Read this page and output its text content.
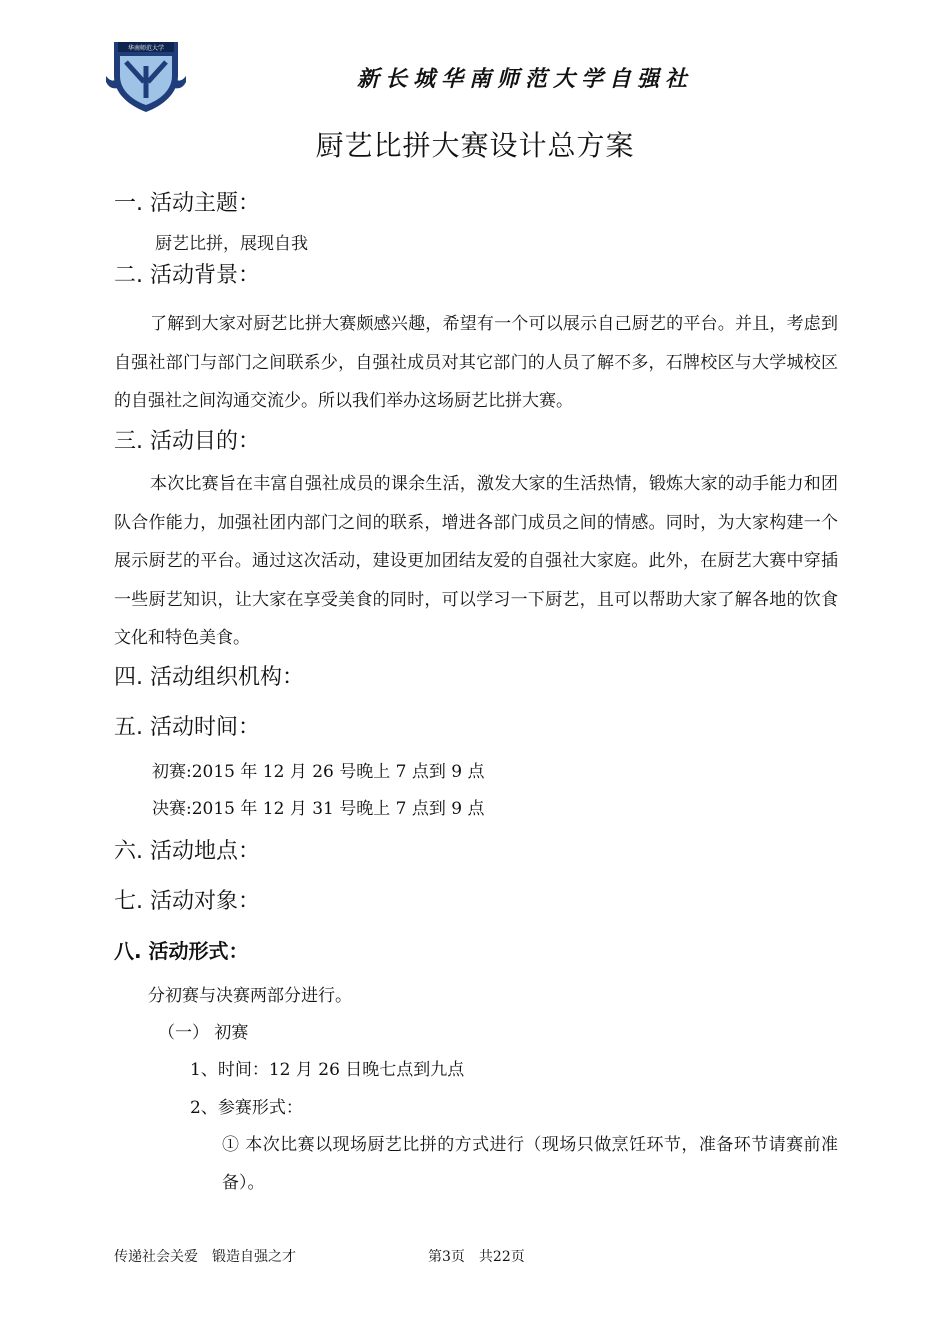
华南师范大学
新长城华南师范大学自强社
厨艺比拼大赛设计总方案
一. 活动主题：
厨艺比拼，展现自我
二. 活动背景：
了解到大家对厨艺比拼大赛颇感兴趣，希望有一个可以展示自己厨艺的平台。并且，考虑到自强社部门与部门之间联系少，自强社成员对其它部门的人员了解不多，石牌校区与大学城校区的自强社之间沟通交流少。所以我们举办这场厨艺比拼大赛。
三. 活动目的：
本次比赛旨在丰富自强社成员的课余生活，激发大家的生活热情，锻炼大家的动手能力和团队合作能力，加强社团内部门之间的联系，增进各部门成员之间的情感。同时，为大家构建一个展示厨艺的平台。通过这次活动，建设更加团结友爱的自强社大家庭。此外，在厨艺大赛中穿插一些厨艺知识，让大家在享受美食的同时，可以学习一下厨艺，且可以帮助大家了解各地的饮食文化和特色美食。
四. 活动组织机构：
五. 活动时间：
初赛:2015 年 12 月 26 号晚上 7 点到 9 点
决赛:2015 年 12 月 31 号晚上 7 点到 9 点
六. 活动地点：
七. 活动对象：
八. 活动形式：
分初赛与决赛两部分进行。
（一） 初赛
1、时间：12 月 26 日晚七点到九点
2、参赛形式：
① 本次比赛以现场厨艺比拼的方式进行（现场只做烹饪环节，准备环节请赛前准备）。
传递社会关爱　锻造自强之才	第3页　共22页
